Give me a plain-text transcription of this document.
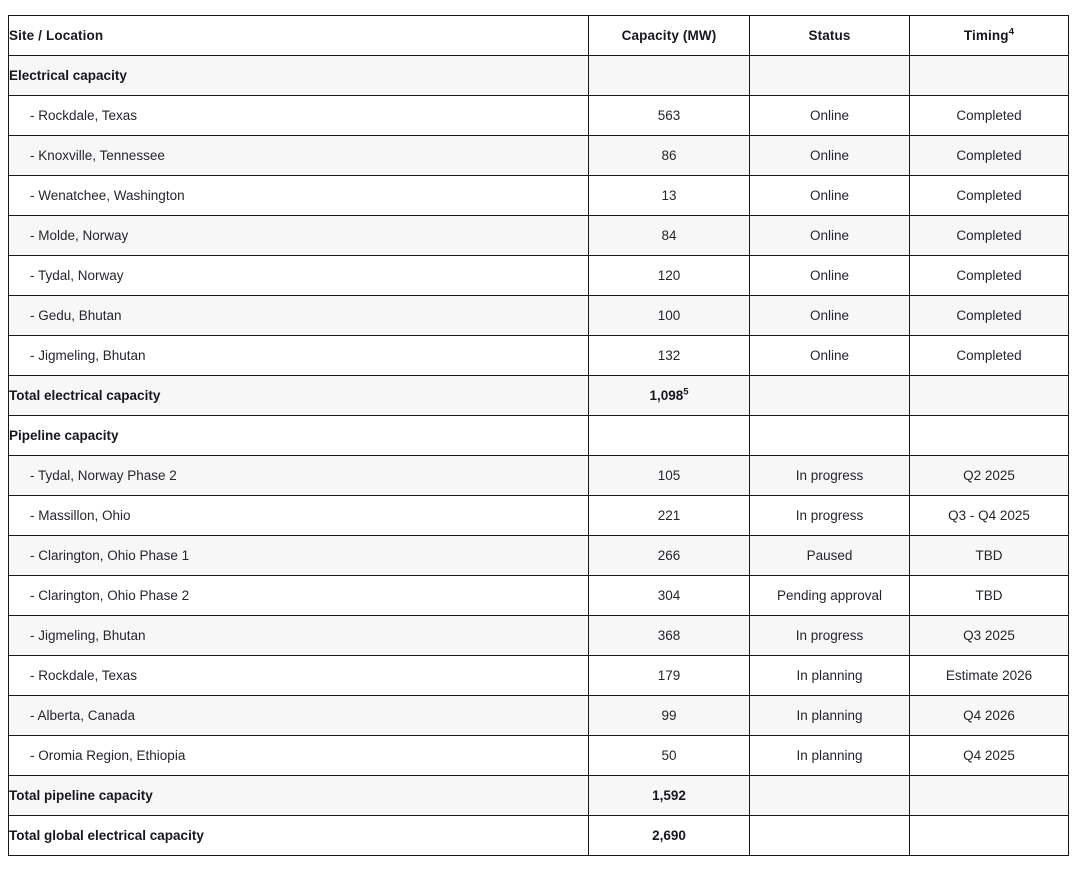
Site / Location	Capacity (MW)	Status	Timing$^4$
Electrical capacity			
- Rockdale, Texas	563	Online	Completed
- Knoxville, Tennessee	86	Online	Completed
- Wenatchee, Washington	13	Online	Completed
- Molde, Norway	84	Online	Completed
- Tydal, Norway	120	Online	Completed
- Gedu, Bhutan	100	Online	Completed
- Jigmeling, Bhutan	132	Online	Completed
Total electrical capacity	1,098$^5$		
Pipeline capacity			
- Tydal, Norway Phase 2	105	In progress	Q2 2025
- Massillon, Ohio	221	In progress	Q3 - Q4 2025
- Clarington, Ohio Phase 1	266	Paused	TBD
- Clarington, Ohio Phase 2	304	Pending approval	TBD
- Jigmeling, Bhutan	368	In progress	Q3 2025
- Rockdale, Texas	179	In planning	Estimate 2026
- Alberta, Canada	99	In planning	Q4 2026
- Oromia Region, Ethiopia	50	In planning	Q4 2025
Total pipeline capacity	1,592		
Total global electrical capacity	2,690		
